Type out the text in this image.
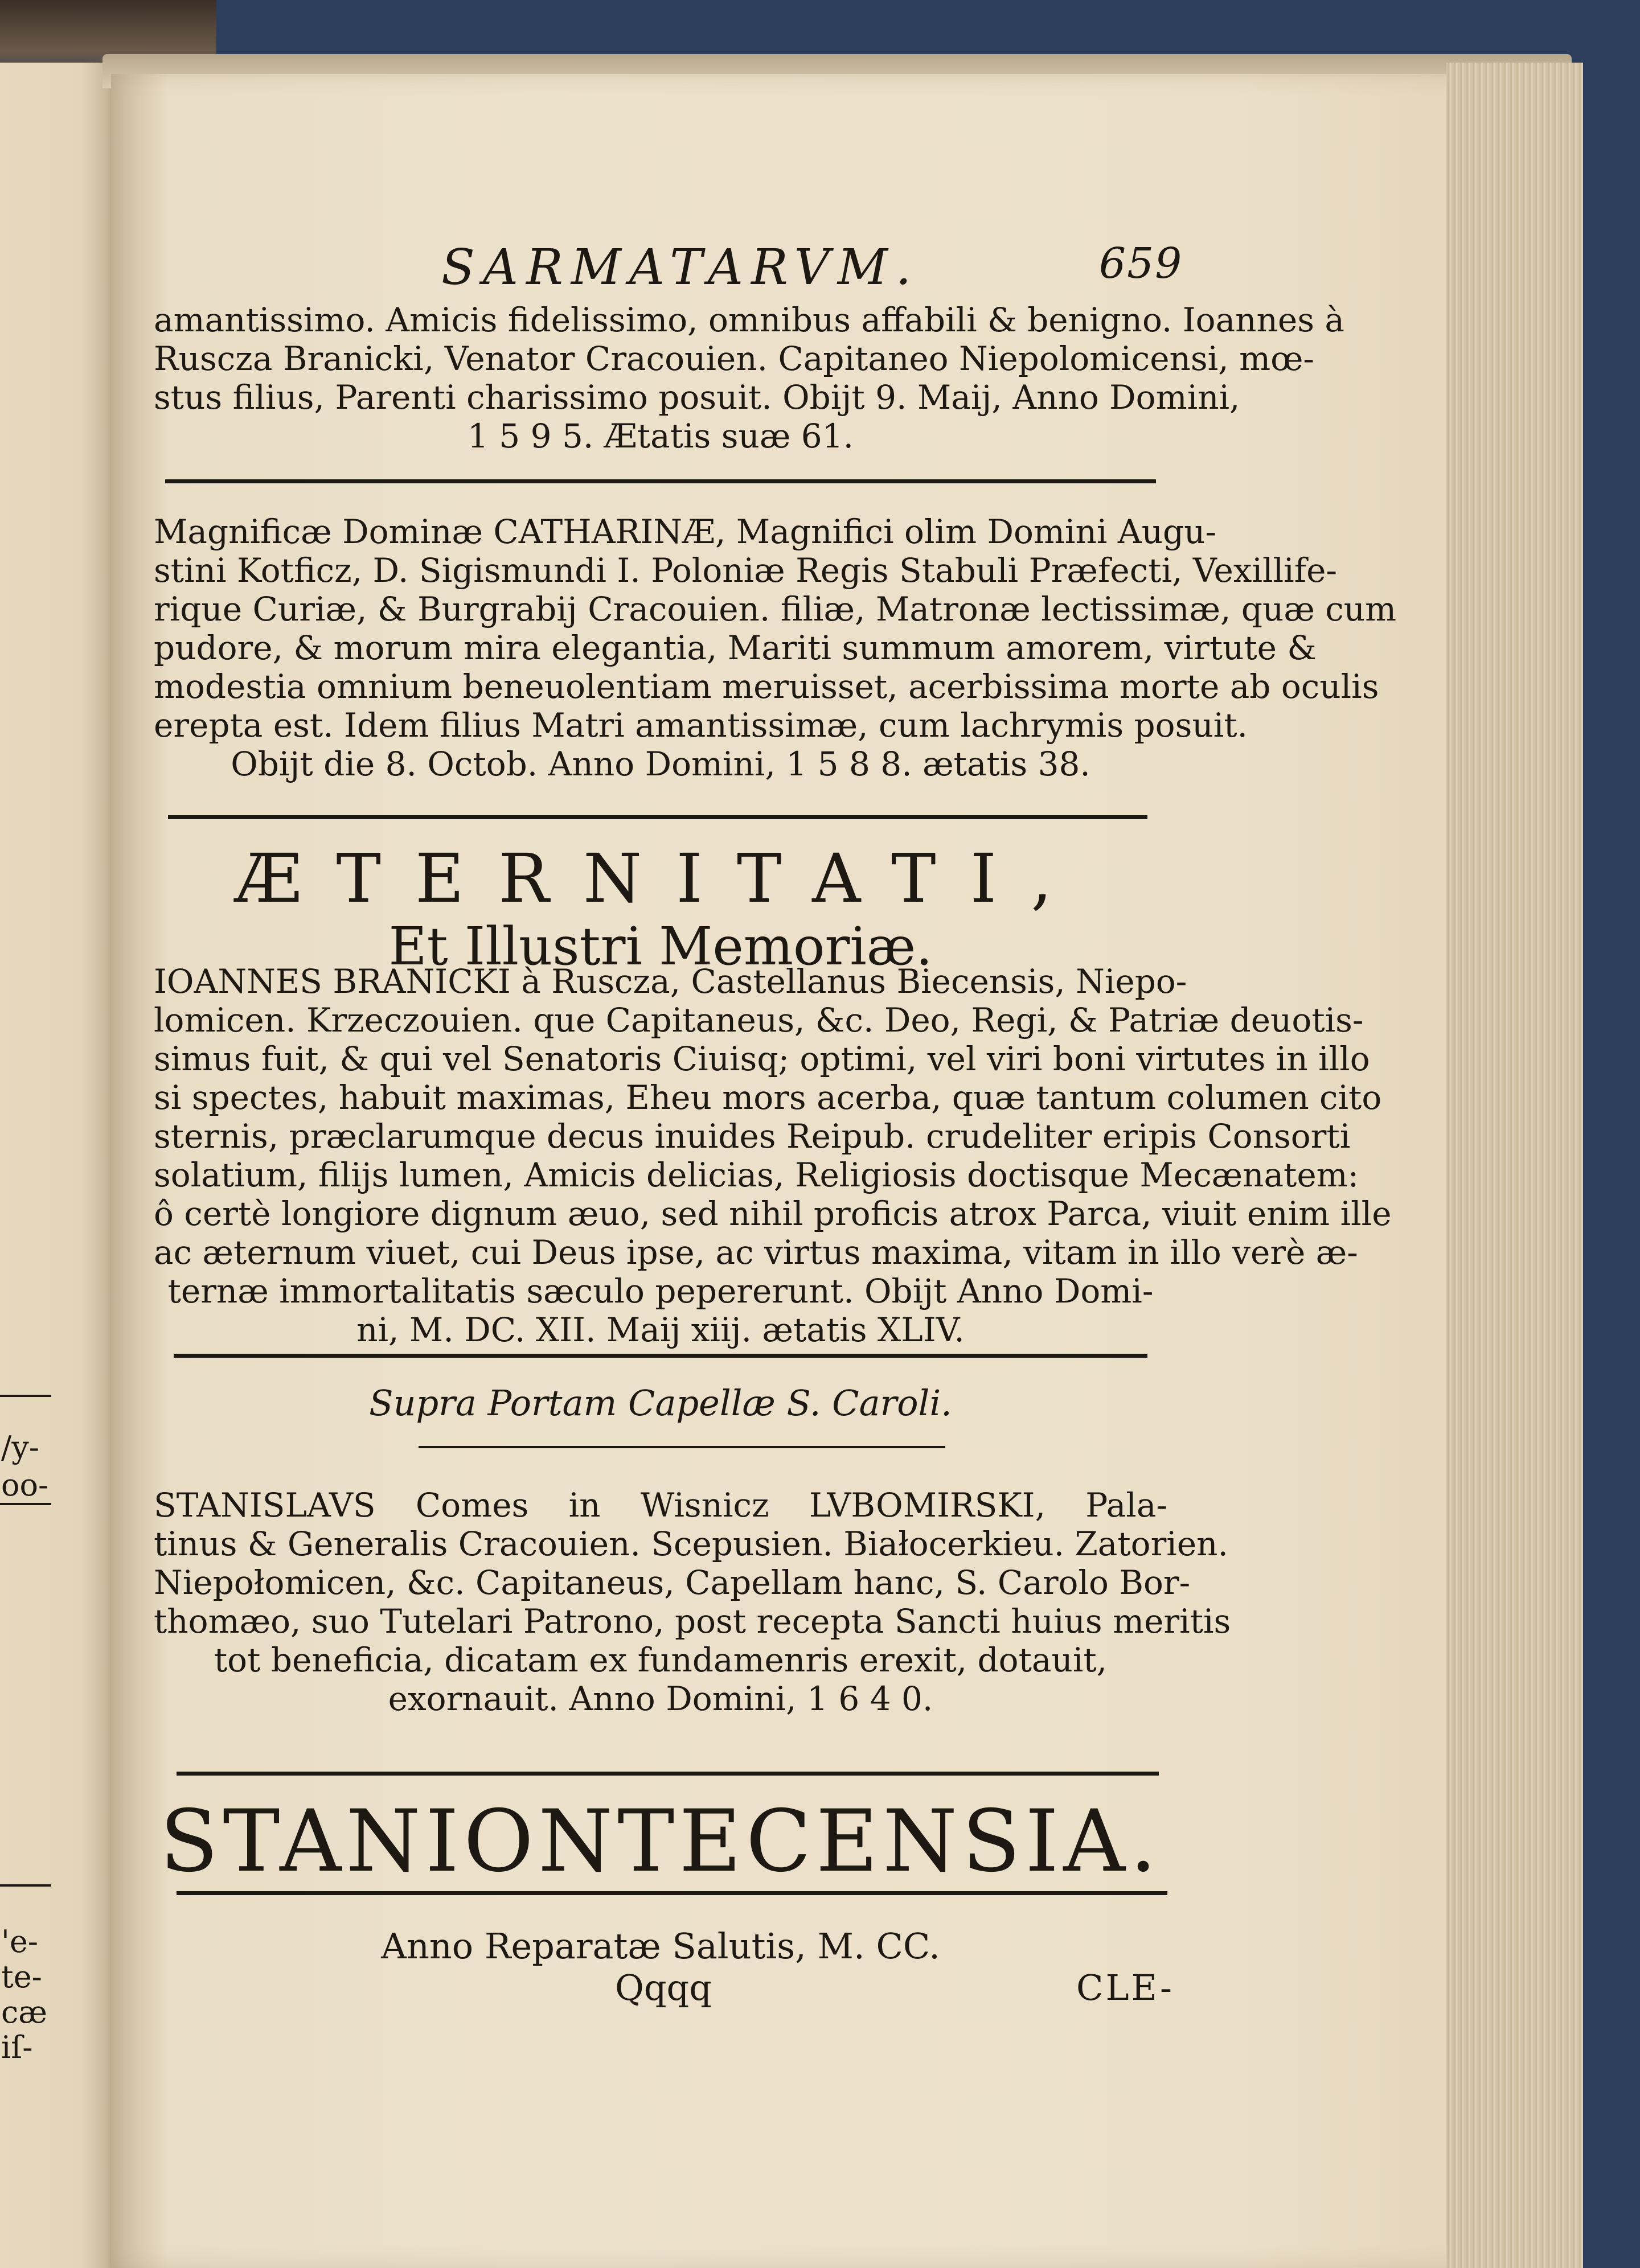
/y-
oo-
'e-
te-
cæ
iſ-
SARMATARVM.	659
amantissimo. Amicis fidelissimo, omnibus affabili & benigno. Ioannes à
Ruscza Branicki, Venator Cracouien. Capitaneo Niepolomicensi, mœ-
stus filius, Parenti charissimo posuit. Obijt 9. Maij, Anno Domini,
1 5 9 5. Ætatis suæ 61.
Magnificæ Dominæ CATHARINÆ, Magnifici olim Domini Augu-
stini Kotficz, D. Sigismundi I. Poloniæ Regis Stabuli Præfecti, Vexillife-
rique Curiæ, & Burgrabij Cracouien. filiæ, Matronæ lectissimæ, quæ cum
pudore, & morum mira elegantia, Mariti summum amorem, virtute &
modestia omnium beneuolentiam meruisset, acerbissima morte ab oculis
erepta est. Idem filius Matri amantissimæ, cum lachrymis posuit.
Obijt die 8. Octob. Anno Domini, 1 5 8 8. ætatis 38.
ÆTERNITATI,
Et Illustri Memoriæ.
IOANNES BRANICKI à Ruscza, Castellanus Biecensis, Niepo-
lomicen. Krzeczouien. que Capitaneus, &c. Deo, Regi, & Patriæ deuotis-
simus fuit, & qui vel Senatoris Ciuisq; optimi, vel viri boni virtutes in illo
si spectes, habuit maximas, Eheu mors acerba, quæ tantum columen cito
sternis, præclarumque decus inuides Reipub. crudeliter eripis Consorti
solatium, filijs lumen, Amicis delicias, Religiosis doctisque Mecænatem:
ô certè longiore dignum æuo, sed nihil proficis atrox Parca, viuit enim ille
ac æternum viuet, cui Deus ipse, ac virtus maxima, vitam in illo verè æ-
ternæ immortalitatis sæculo pepererunt. Obijt Anno Domi-
ni, M. DC. XII. Maij xiij. ætatis XLIV.
Supra Portam Capellæ S. Caroli.
STANISLAVS Comes in Wisnicz LVBOMIRSKI, Pala-
tinus & Generalis Cracouien. Scepusien. Białocerkieu. Zatorien.
Niepołomicen, &c. Capitaneus, Capellam hanc, S. Carolo Bor-
thomæo, suo Tutelari Patrono, post recepta Sancti huius meritis
tot beneficia, dicatam ex fundamenris erexit, dotauit,
exornauit. Anno Domini, 1 6 4 0.
STANIONTECENSIA.
Anno Reparatæ Salutis, M. CC.
Qqqq	CLE-
